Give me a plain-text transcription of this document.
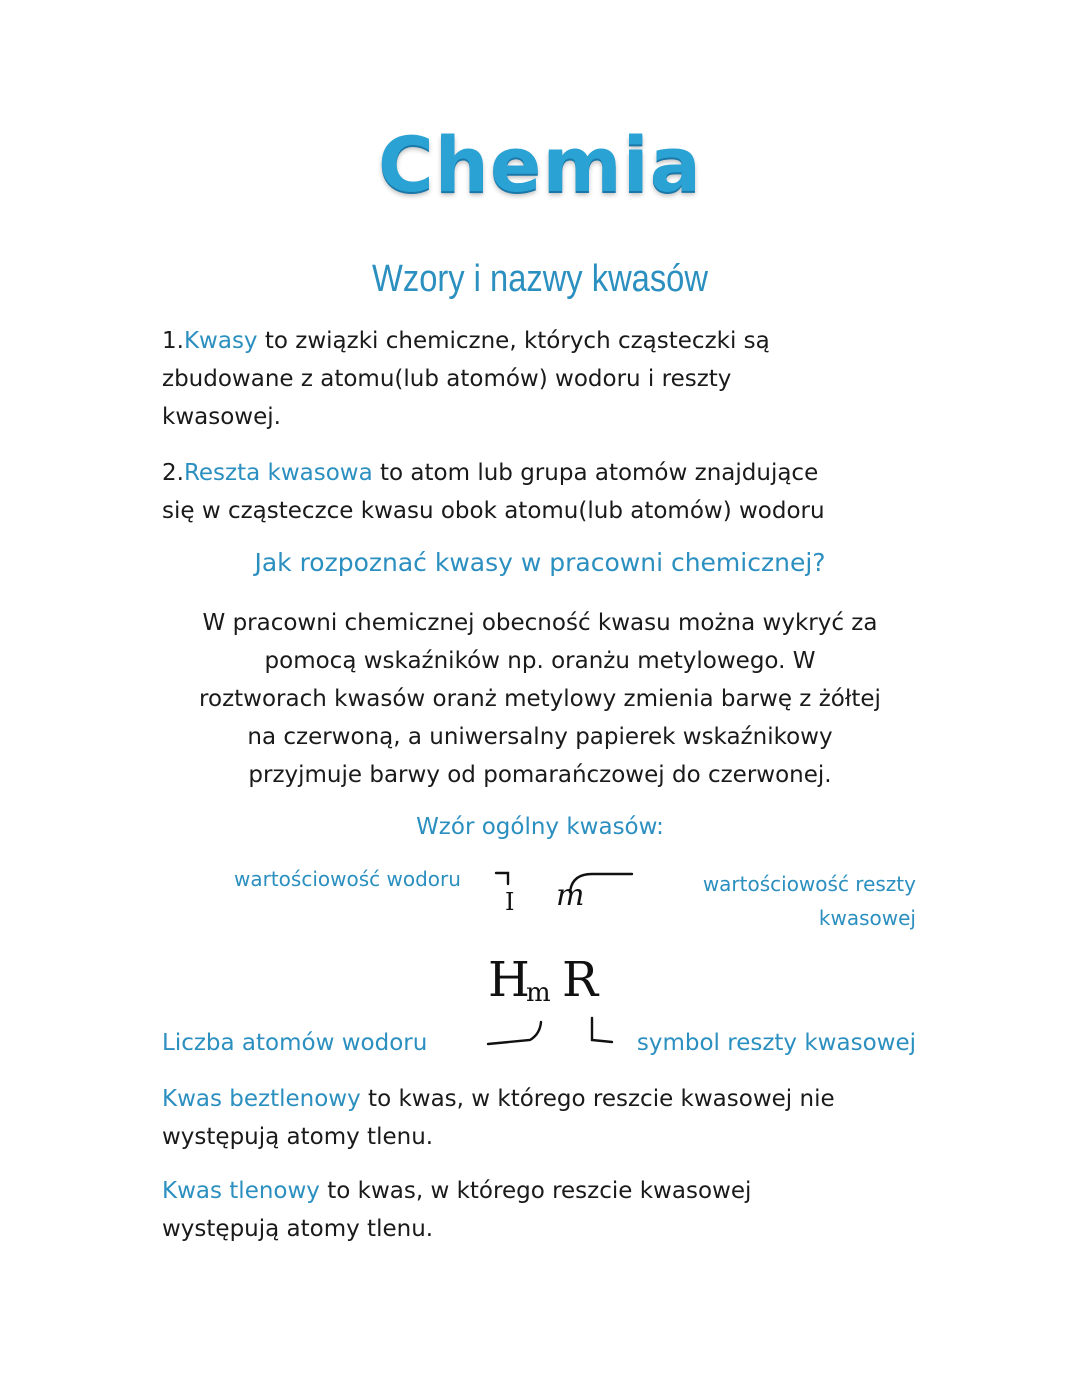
Chemia
Wzory i nazwy kwasów
1.Kwasy to związki chemiczne, których cząsteczki są
zbudowane z atomu(lub atomów) wodoru i reszty
kwasowej.
2.Reszta kwasowa to atom lub grupa atomów znajdujące
się w cząsteczce kwasu obok atomu(lub atomów) wodoru
Jak rozpoznać kwasy w pracowni chemicznej?
W pracowni chemicznej obecność kwasu można wykryć za
pomocą wskaźników np. oranżu metylowego. W
roztworach kwasów oranż metylowy zmienia barwę z żółtej
na czerwoną, a uniwersalny papierek wskaźnikowy
przyjmuje barwy od pomarańczowej do czerwonej.
Wzór ogólny kwasów:
wartościowość wodoru	wartościowość reszty
kwasowej
I m
H
m R
Liczba atomów wodoru	symbol reszty kwasowej
Kwas beztlenowy to kwas, w którego reszcie kwasowej nie
występują atomy tlenu.
Kwas tlenowy to kwas, w którego reszcie kwasowej
występują atomy tlenu.
